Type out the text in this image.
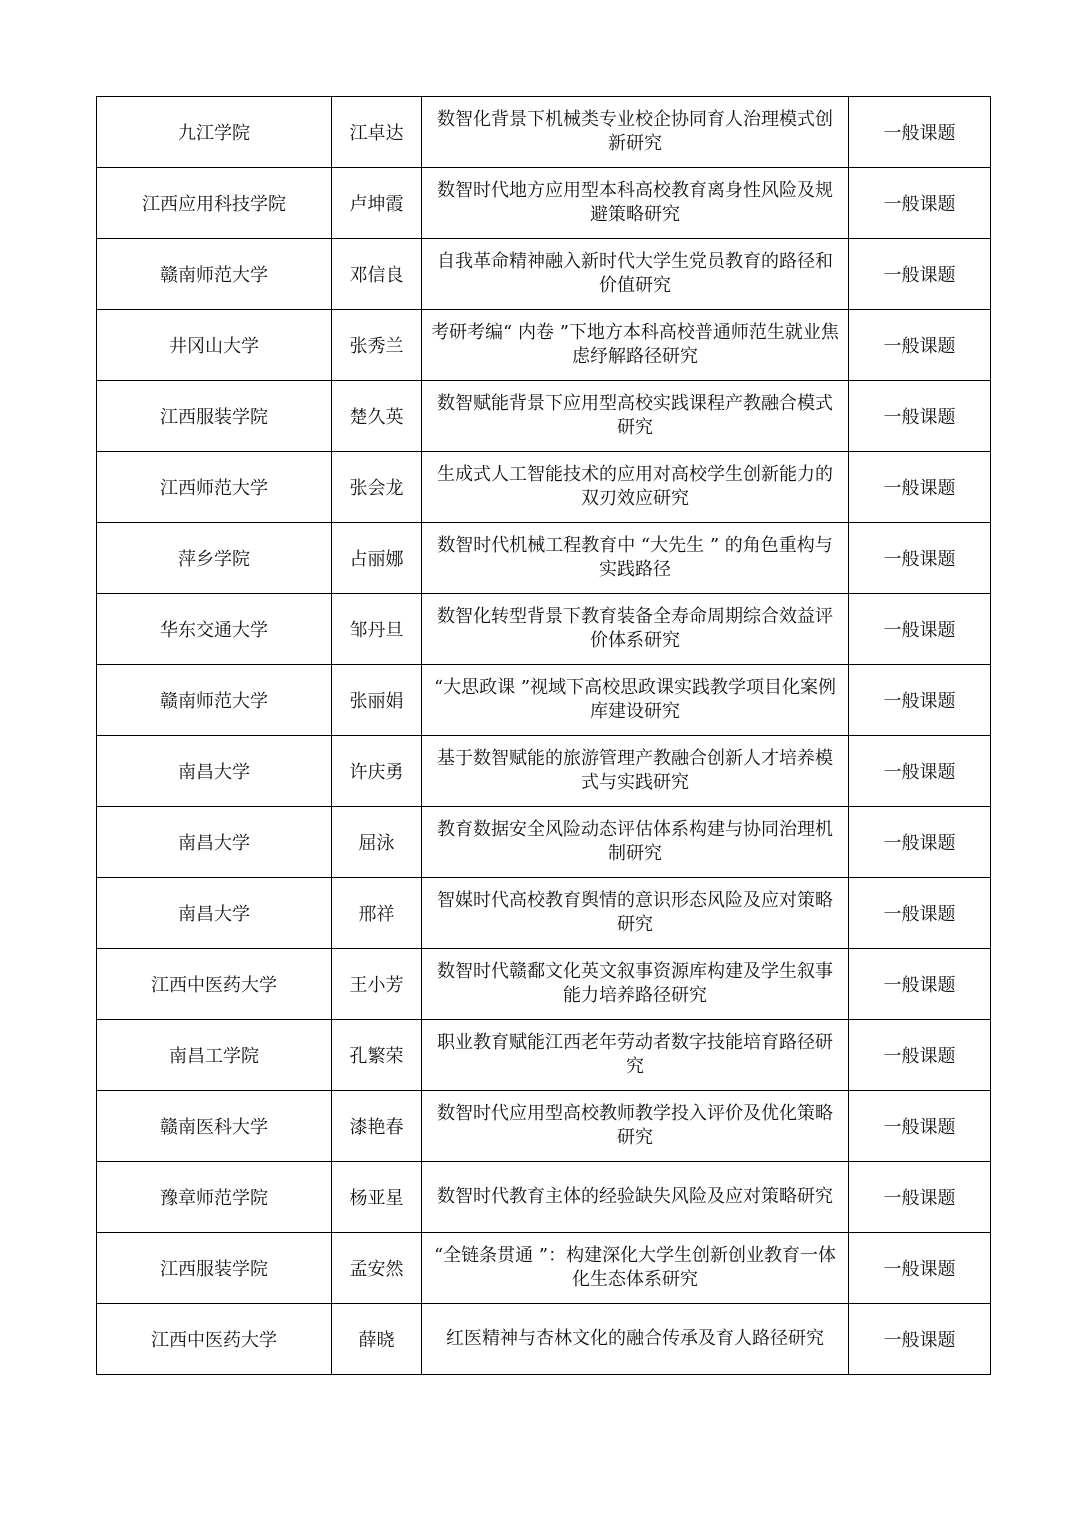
九江学院	江卓达	数智化背景下机械类专业校企协同育人治理模式创新研究	一般课题
江西应用科技学院	卢坤霞	数智时代地方应用型本科高校教育离身性风险及规避策略研究	一般课题
赣南师范大学	邓信良	自我革命精神融入新时代大学生党员教育的路径和价值研究	一般课题
井冈山大学	张秀兰	考研考编“ 内卷 ”下地方本科高校普通师范生就业焦虑纾解路径研究	一般课题
江西服装学院	楚久英	数智赋能背景下应用型高校实践课程产教融合模式研究	一般课题
江西师范大学	张会龙	生成式人工智能技术的应用对高校学生创新能力的双刃效应研究	一般课题
萍乡学院	占丽娜	数智时代机械工程教育中 “大先生 ” 的角色重构与实践路径	一般课题
华东交通大学	邹丹旦	数智化转型背景下教育装备全寿命周期综合效益评价体系研究	一般课题
赣南师范大学	张丽娟	“大思政课 ”视域下高校思政课实践教学项目化案例库建设研究	一般课题
南昌大学	许庆勇	基于数智赋能的旅游管理产教融合创新人才培养模式与实践研究	一般课题
南昌大学	屈泳	教育数据安全风险动态评估体系构建与协同治理机制研究	一般课题
南昌大学	邢祥	智媒时代高校教育舆情的意识形态风险及应对策略研究	一般课题
江西中医药大学	王小芳	数智时代赣鄱文化英文叙事资源库构建及学生叙事能力培养路径研究	一般课题
南昌工学院	孔繁荣	职业教育赋能江西老年劳动者数字技能培育路径研究	一般课题
赣南医科大学	漆艳春	数智时代应用型高校教师教学投入评价及优化策略研究	一般课题
豫章师范学院	杨亚星	数智时代教育主体的经验缺失风险及应对策略研究	一般课题
江西服装学院	孟安然	“全链条贯通 ”：构建深化大学生创新创业教育一体化生态体系研究	一般课题
江西中医药大学	薛晓	红医精神与杏林文化的融合传承及育人路径研究	一般课题
